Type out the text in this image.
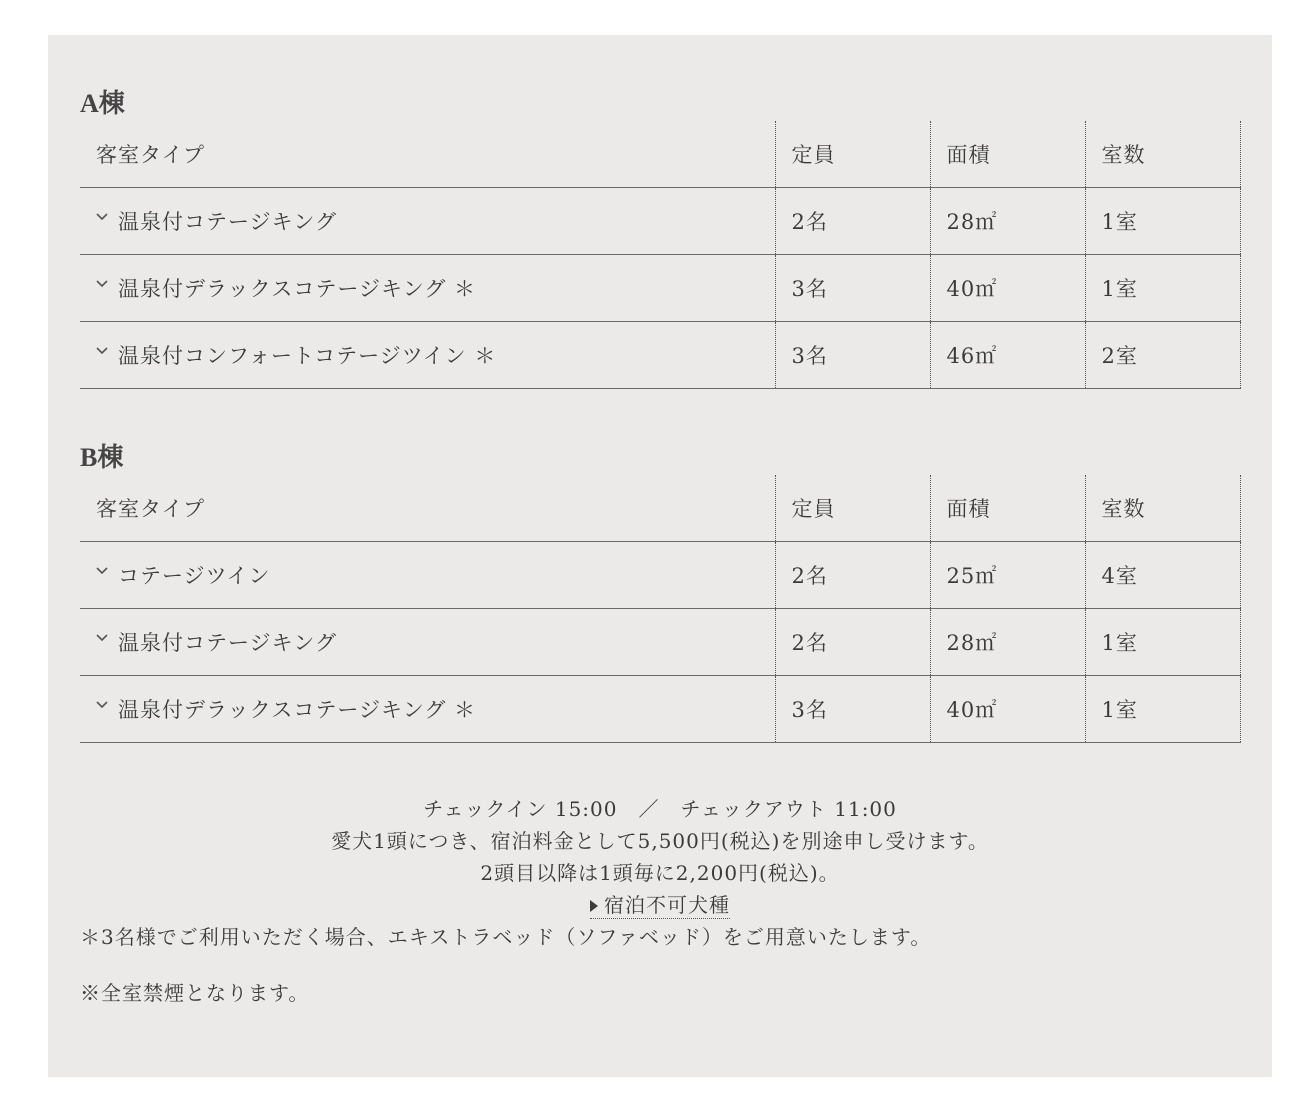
A棟
客室タイプ	定員	面積	室数

温泉付コテージキング	2名	28㎡	1室

温泉付デラックスコテージキング ＊	3名	40㎡	1室

温泉付コンフォートコテージツイン ＊	3名	46㎡	2室
B棟
客室タイプ	定員	面積	室数

コテージツイン	2名	25㎡	4室

温泉付コテージキング	2名	28㎡	1室

温泉付デラックスコテージキング ＊	3名	40㎡	1室
チェックイン 15:00　／　チェックアウト 11:00
愛犬1頭につき、宿泊料金として5,500円(税込)を別途申し受けます。
2頭目以降は1頭毎に2,200円(税込)。
宿泊不可犬種

＊3名様でご利用いただく場合、エキストラベッド（ソファベッド）をご用意いたします。

※全室禁煙となります。
